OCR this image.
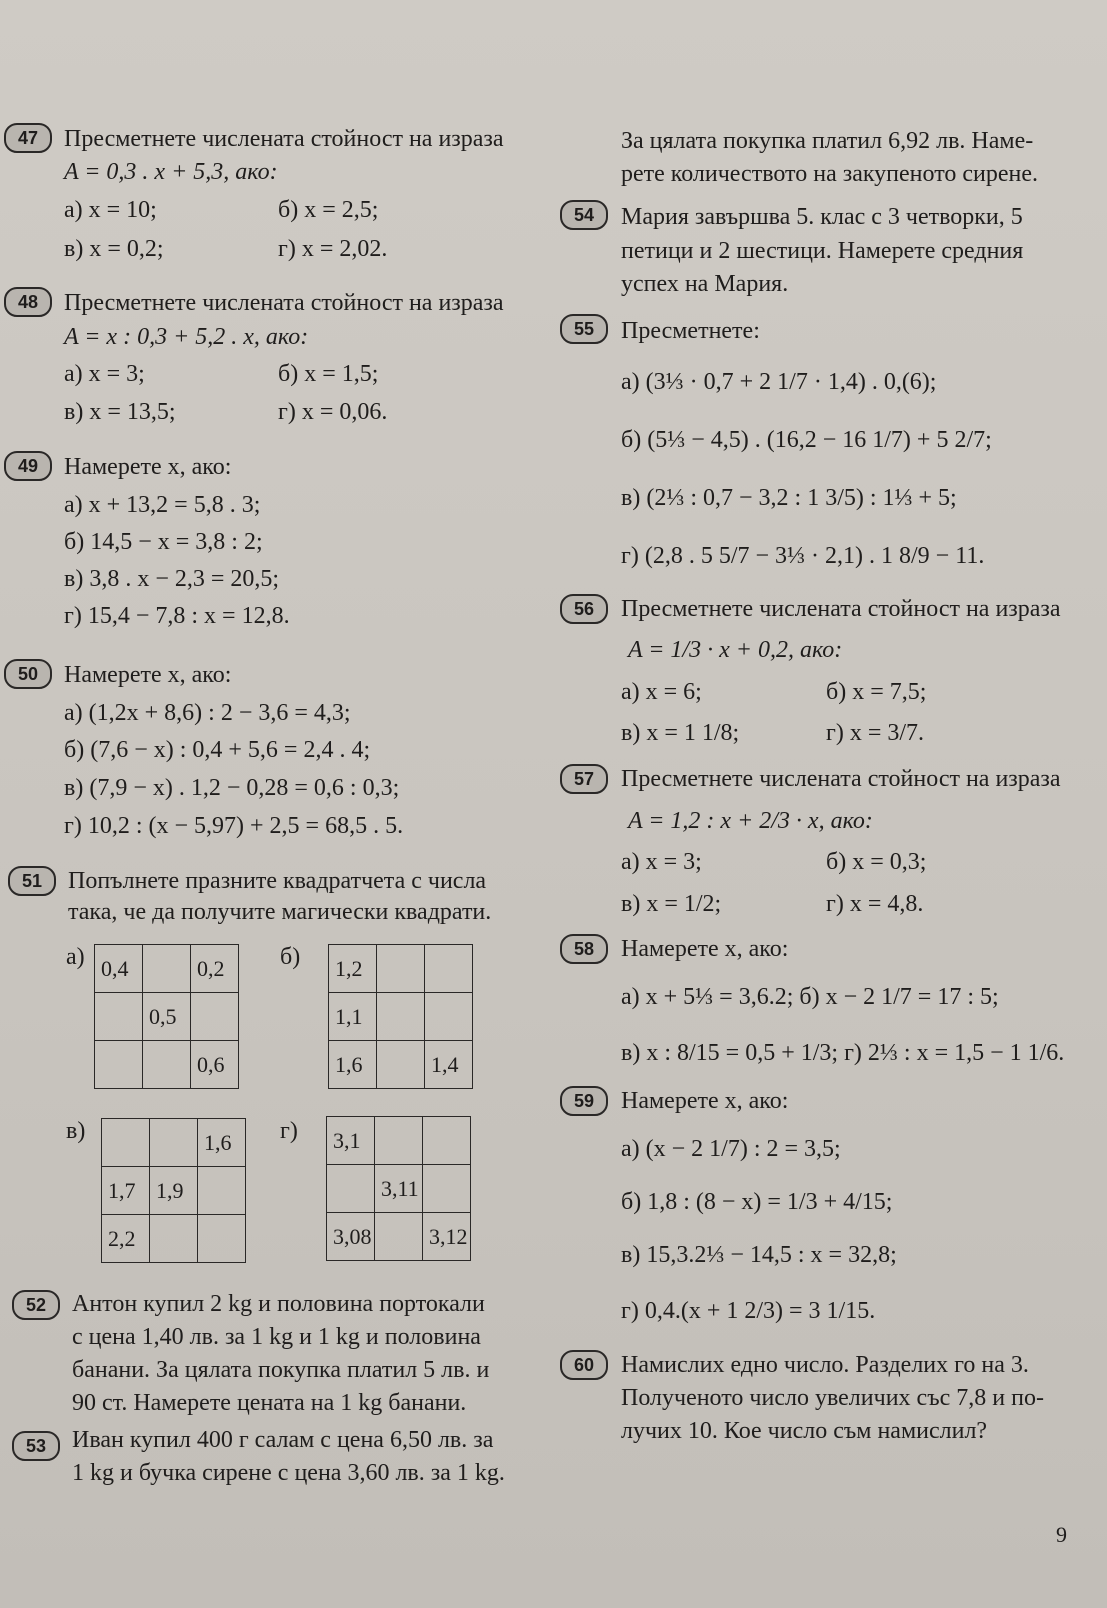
47	Пресметнете числената стойност на израза
A = 0,3 . x + 5,3, ако:
а) x = 10;	б) x = 2,5;
в) x = 0,2;	г) x = 2,02.
48	Пресметнете числената стойност на израза
A = x : 0,3 + 5,2 . x, ако:
а) x = 3;	б) x = 1,5;
в) x = 13,5;	г) x = 0,06.
49	Намерете x, ако:
а) x + 13,2 = 5,8 . 3;
б) 14,5 − x = 3,8 : 2;
в) 3,8 . x − 2,3 = 20,5;
г) 15,4 − 7,8 : x = 12,8.
50	Намерете x, ако:
а) (1,2x + 8,6) : 2 − 3,6 = 4,3;
б) (7,6 − x) : 0,4 + 5,6 = 2,4 . 4;
в) (7,9 − x) . 1,2 − 0,28 = 0,6 : 0,3;
г) 10,2 : (x − 5,97) + 2,5 = 68,5 . 5.
51	Попълнете празните квадратчета с числа
така, че да получите магически квадрати.
а) 0,4		0,2
	0,5	
		0,6
б) 1,2		
1,1		
1,6		1,4
в)
			1,6
1,7	1,9	
2,2		
г) 3,1		
	3,11	
3,08		3,12
52	Антон купил 2 kg и половина портокали
с цена 1,40 лв. за 1 kg и 1 kg и половина
банани. За цялата покупка платил 5 лв. и
90 ст. Намерете цената на 1 kg банани.
53	Иван купил 400 г салам с цена 6,50 лв. за
1 kg и бучка сирене с цена 3,60 лв. за 1 kg.
За цялата покупка платил 6,92 лв. Наме-
рете количеството на закупеното сирене.
54	Мария завършва 5. клас с 3 четворки, 5
петици и 2 шестици. Намерете средния
успех на Мария.
55	Пресметнете:
а) (3⅓ · 0,7 + 2 1/7 · 1,4) . 0,(6);
б) (5⅓ − 4,5) . (16,2 − 16 1/7) + 5 2/7;
в) (2⅓ : 0,7 − 3,2 : 1 3/5) : 1⅓ + 5;
г) (2,8 . 5 5/7 − 3⅓ · 2,1) . 1 8/9 − 11.
56	Пресметнете числената стойност на израза
A = 1/3 · x + 0,2, ако:
а) x = 6;	б) x = 7,5;
в) x = 1 1/8;	г) x = 3/7.
57	Пресметнете числената стойност на израза
A = 1,2 : x + 2/3 · x, ако:
а) x = 3;	б) x = 0,3;
в) x = 1/2;	г) x = 4,8.
58	Намерете x, ако:
а) x + 5⅓ = 3,6.2; б) x − 2 1/7 = 17 : 5;
в) x : 8/15 = 0,5 + 1/3; г) 2⅓ : x = 1,5 − 1 1/6.
59	Намерете x, ако:
а) (x − 2 1/7) : 2 = 3,5;
б) 1,8 : (8 − x) = 1/3 + 4/15;
в) 15,3.2⅓ − 14,5 : x = 32,8;
г) 0,4.(x + 1 2/3) = 3 1/15.
60	Намислих едно число. Разделих го на 3.
Полученото число увеличих със 7,8 и по-
лучих 10. Кое число съм намислил?
9
